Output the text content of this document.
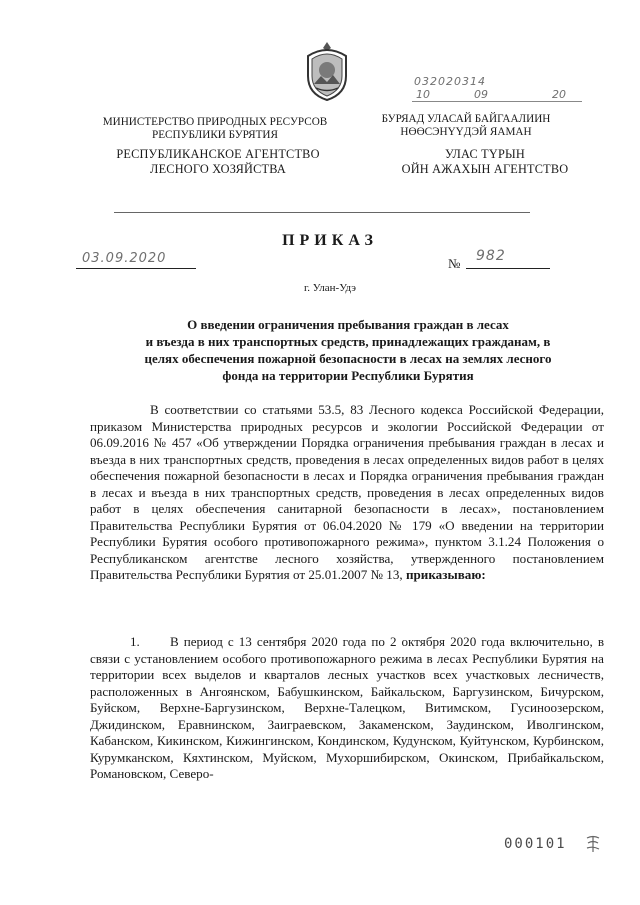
032020314
10	09	20
МИНИСТЕРСТВО ПРИРОДНЫХ РЕСУРСОВ
РЕСПУБЛИКИ БУРЯТИЯ
БУРЯАД УЛАСАЙ БАЙГААЛИИН
НӨӨСЭНҮҮДЭЙ ЯАМАН
РЕСПУБЛИКАНСКОЕ АГЕНТСТВО
ЛЕСНОГО ХОЗЯЙСТВА
УЛАС ТҮРЫН
ОЙН АЖАХЫН АГЕНТСТВО
ПРИКАЗ
03.09.2020	№ 982
г. Улан-Удэ
О введении ограничения пребывания граждан в лесах
и въезда в них транспортных средств, принадлежащих гражданам, в
целях обеспечения пожарной безопасности в лесах на землях лесного
фонда на территории Республики Бурятия
В соответствии со статьями 53.5, 83 Лесного кодекса Российской Федерации, приказом Министерства природных ресурсов и экологии Российской Федерации от 06.09.2016 № 457 «Об утверждении Порядка ограничения пребывания граждан в лесах и въезда в них транспортных средств, проведения в лесах определенных видов работ в целях обеспечения пожарной безопасности в лесах и Порядка ограничения пребывания граждан в лесах и въезда в них транспортных средств, проведения в лесах определенных видов работ в целях обеспечения санитарной безопасности в лесах», постановлением Правительства Республики Бурятия от 06.04.2020 № 179 «О введении на территории Республики Бурятия особого противопожарного режима», пунктом 3.1.24 Положения о Республиканском агентстве лесного хозяйства, утвержденного постановлением Правительства Республики Бурятия от 25.01.2007 № 13, приказываю:
1. В период с 13 сентября 2020 года по 2 октября 2020 года включительно, в связи с установлением особого противопожарного режима в лесах Республики Бурятия на территории всех выделов и кварталов лесных участков всех участковых лесничеств, расположенных в Ангоянском, Бабушкинском, Байкальском, Баргузинском, Бичурском, Буйском, Верхне-Баргузинском, Верхне-Талецком, Витимском, Гусиноозерском, Джидинском, Еравнинском, Заиграевском, Закаменском, Заудинском, Иволгинском, Кабанском, Кикинском, Кижингинском, Кондинском, Кудунском, Куйтунском, Курбинском, Курумканском, Кяхтинском, Муйском, Мухоршибирском, Окинском, Прибайкальском, Романовском, Северо-
000101
